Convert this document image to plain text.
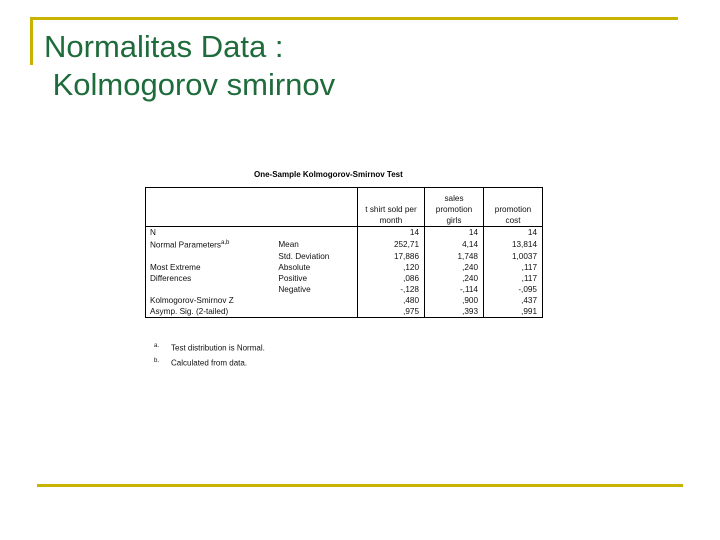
Normalitas Data :
Kolmogorov smirnov
One-Sample Kolmogorov-Smirnov Test
		t shirt sold per month	sales promotion girls	promotion cost
N		14	14	14
Normal Parameters$^{a,b}$	Mean	252,71	4,14	13,814
	Std. Deviation	17,886	1,748	1,0037
Most Extreme	Absolute	,120	,240	,117
Differences	Positive	,086	,240	,117
	Negative	-,128	-,114	-,095
Kolmogorov-Smirnov Z		,480	,900	,437
Asymp. Sig. (2-tailed)		,975	,393	,991
$^{a.}$ Test distribution is Normal.
$^{b.}$ Calculated from data.
